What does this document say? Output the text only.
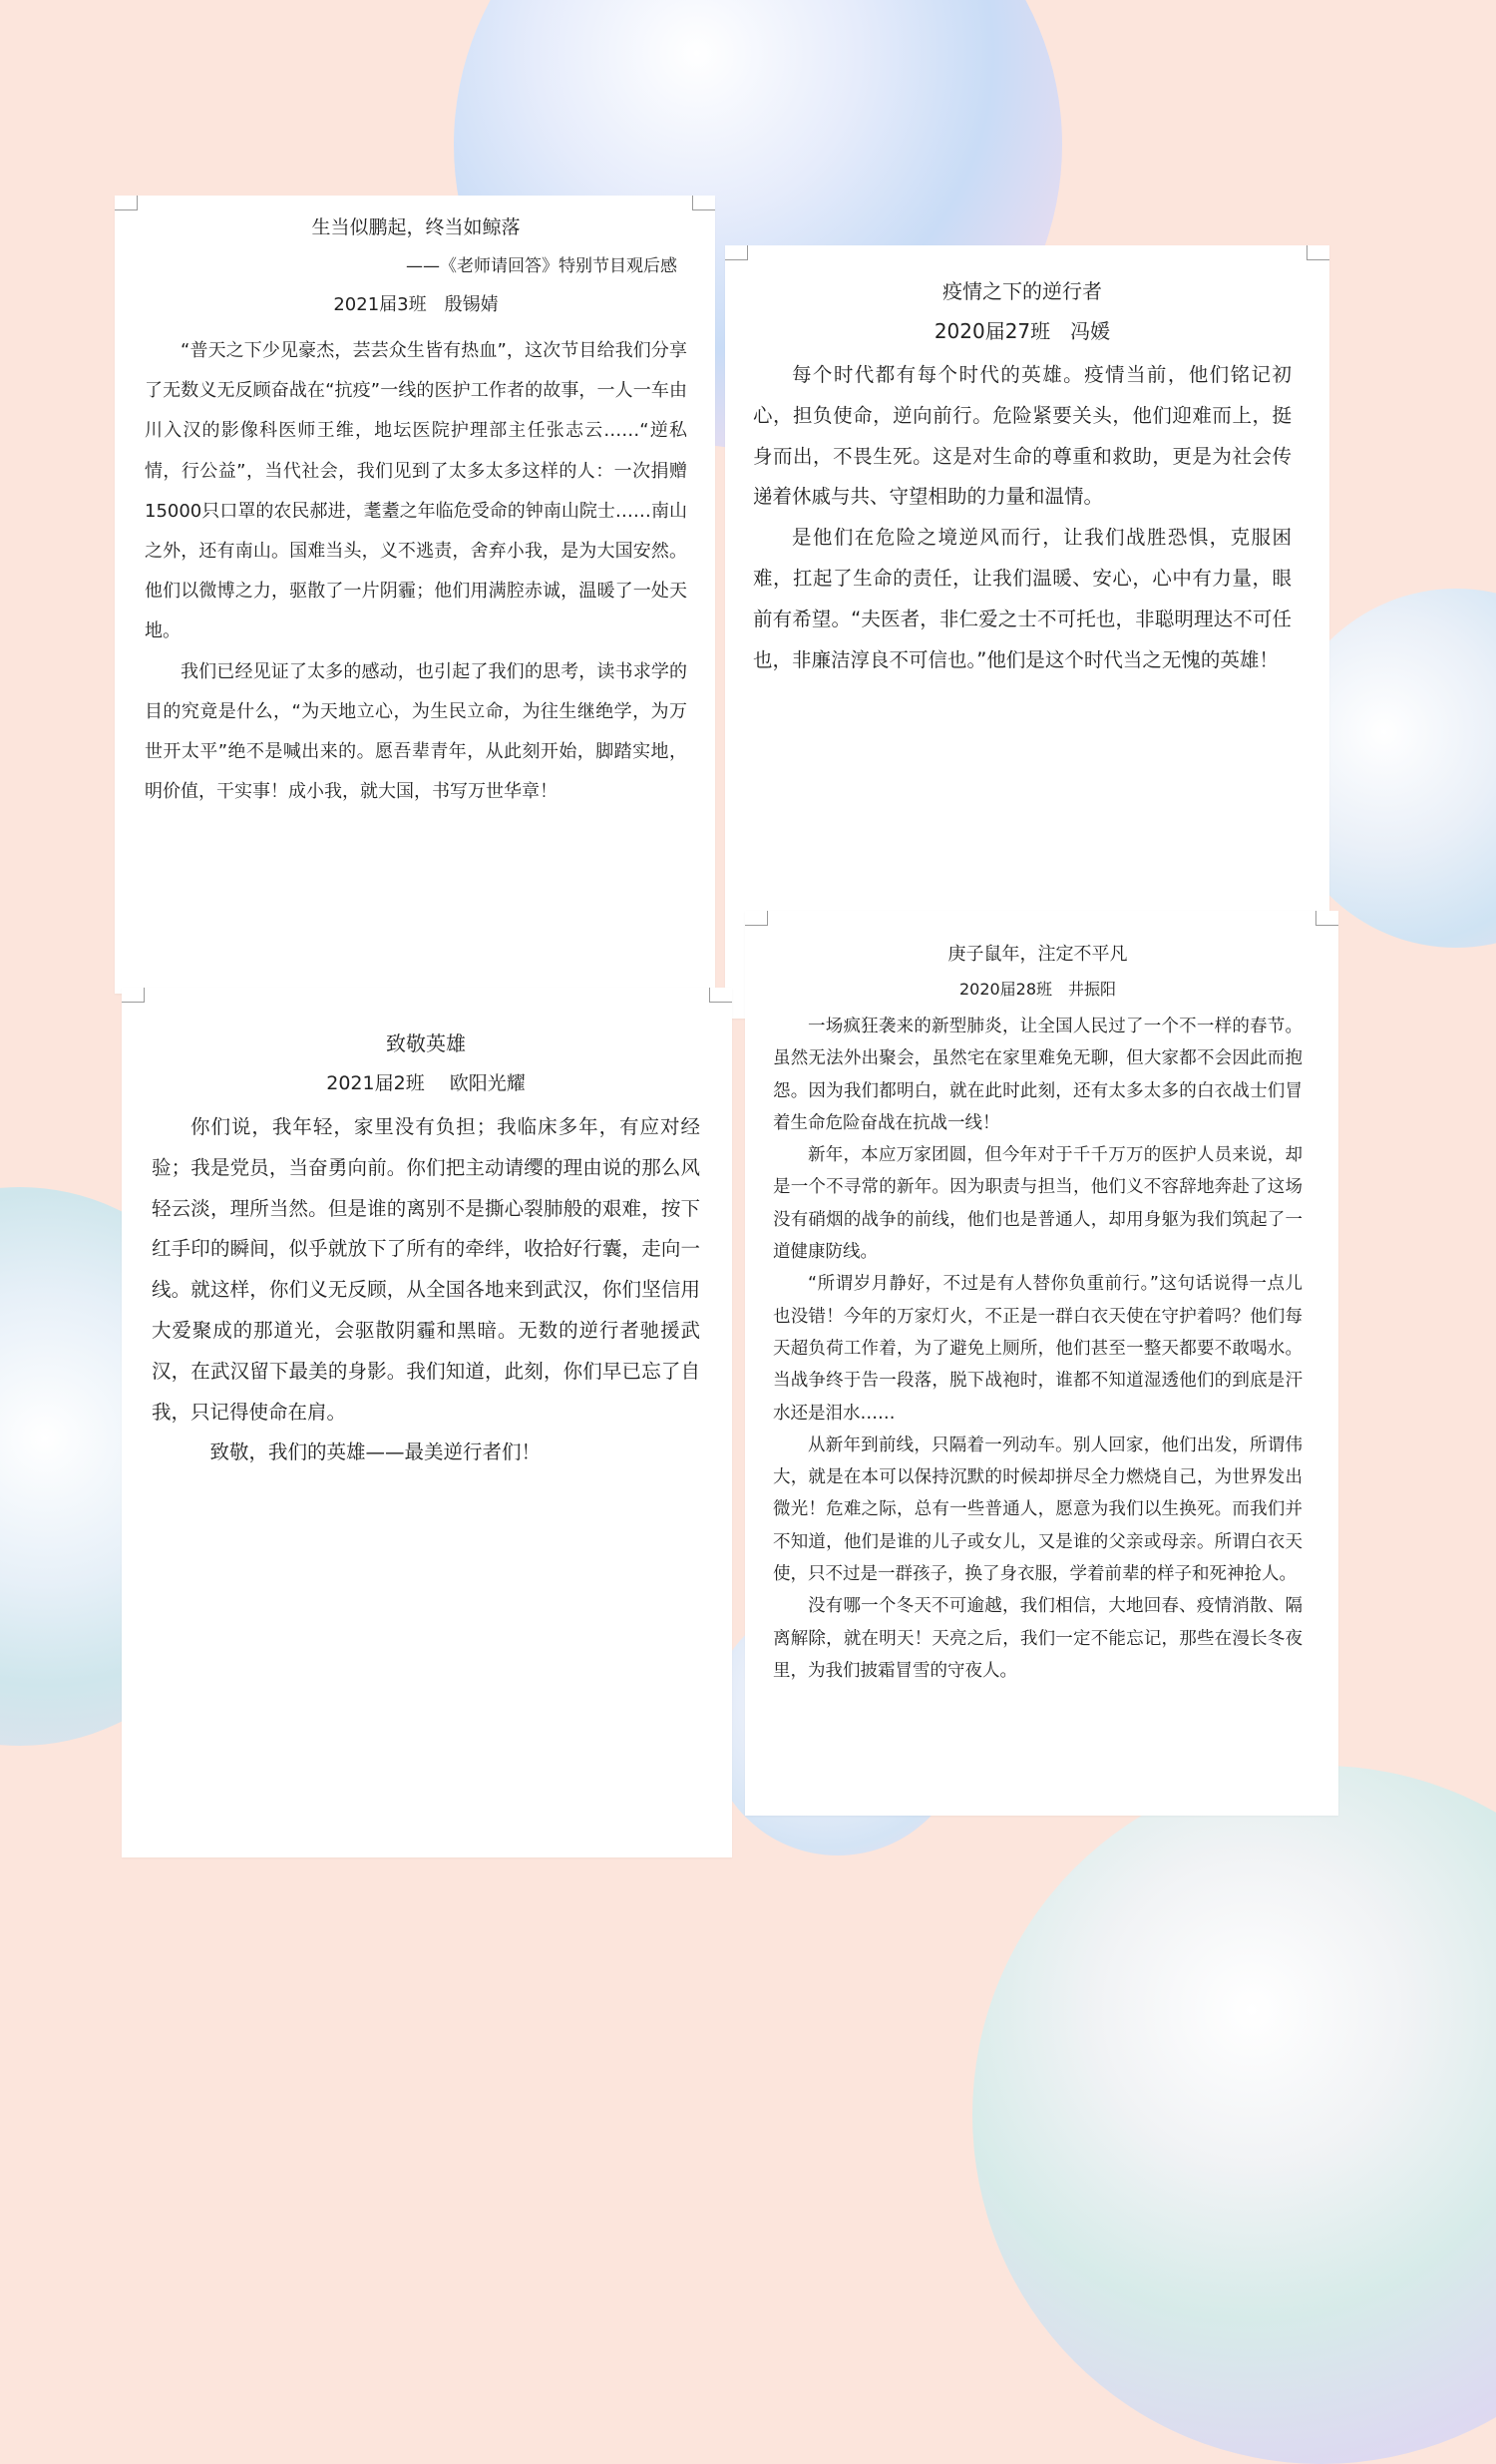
生当似鹏起，终当如鲸落

——《老师请回答》特别节目观后感

2021届3班　殷锡婧

“普天之下少见豪杰，芸芸众生皆有热血”，这次节目给我们分享了无数义无反顾奋战在“抗疫”一线的医护工作者的故事，一人一车由川入汉的影像科医师王维，地坛医院护理部主任张志云……“逆私情，行公益”，当代社会，我们见到了太多太多这样的人：一次捐赠15000只口罩的农民郝进，耄耋之年临危受命的钟南山院士……南山之外，还有南山。国难当头，义不逃责，舍弃小我，是为大国安然。他们以微博之力，驱散了一片阴霾；他们用满腔赤诚，温暖了一处天地。

我们已经见证了太多的感动，也引起了我们的思考，读书求学的目的究竟是什么，“为天地立心，为生民立命，为往生继绝学，为万世开太平”绝不是喊出来的。愿吾辈青年，从此刻开始，脚踏实地，明价值，干实事！成小我，就大国，书写万世华章！

疫情之下的逆行者

2020届27班　冯媛

每个时代都有每个时代的英雄。疫情当前，他们铭记初心，担负使命，逆向前行。危险紧要关头，他们迎难而上，挺身而出，不畏生死。这是对生命的尊重和救助，更是为社会传递着休戚与共、守望相助的力量和温情。

是他们在危险之境逆风而行，让我们战胜恐惧，克服困难，扛起了生命的责任，让我们温暖、安心，心中有力量，眼前有希望。“夫医者，非仁爱之士不可托也，非聪明理达不可任也，非廉洁淳良不可信也。”他们是这个时代当之无愧的英雄！

致敬英雄

2021届2班　 欧阳光耀

你们说，我年轻，家里没有负担；我临床多年，有应对经验；我是党员，当奋勇向前。你们把主动请缨的理由说的那么风轻云淡，理所当然。但是谁的离别不是撕心裂肺般的艰难，按下红手印的瞬间，似乎就放下了所有的牵绊，收拾好行囊，走向一线。就这样，你们义无反顾，从全国各地来到武汉，你们坚信用大爱聚成的那道光，会驱散阴霾和黑暗。无数的逆行者驰援武汉，在武汉留下最美的身影。我们知道，此刻，你们早已忘了自我，只记得使命在肩。

致敬，我们的英雄——最美逆行者们！

庚子鼠年，注定不平凡

2020届28班　井振阳

一场疯狂袭来的新型肺炎，让全国人民过了一个不一样的春节。虽然无法外出聚会，虽然宅在家里难免无聊，但大家都不会因此而抱怨。因为我们都明白，就在此时此刻，还有太多太多的白衣战士们冒着生命危险奋战在抗战一线！

新年，本应万家团圆，但今年对于千千万万的医护人员来说，却是一个不寻常的新年。因为职责与担当，他们义不容辞地奔赴了这场没有硝烟的战争的前线，他们也是普通人，却用身躯为我们筑起了一道健康防线。

“所谓岁月静好，不过是有人替你负重前行。”这句话说得一点儿也没错！今年的万家灯火，不正是一群白衣天使在守护着吗？他们每天超负荷工作着，为了避免上厕所，他们甚至一整天都要不敢喝水。当战争终于告一段落，脱下战袍时，谁都不知道湿透他们的到底是汗水还是泪水……

从新年到前线，只隔着一列动车。别人回家，他们出发，所谓伟大，就是在本可以保持沉默的时候却拼尽全力燃烧自己，为世界发出微光！危难之际，总有一些普通人，愿意为我们以生换死。而我们并不知道，他们是谁的儿子或女儿，又是谁的父亲或母亲。所谓白衣天使，只不过是一群孩子，换了身衣服，学着前辈的样子和死神抢人。

没有哪一个冬天不可逾越，我们相信，大地回春、疫情消散、隔离解除，就在明天！天亮之后，我们一定不能忘记，那些在漫长冬夜里，为我们披霜冒雪的守夜人。
